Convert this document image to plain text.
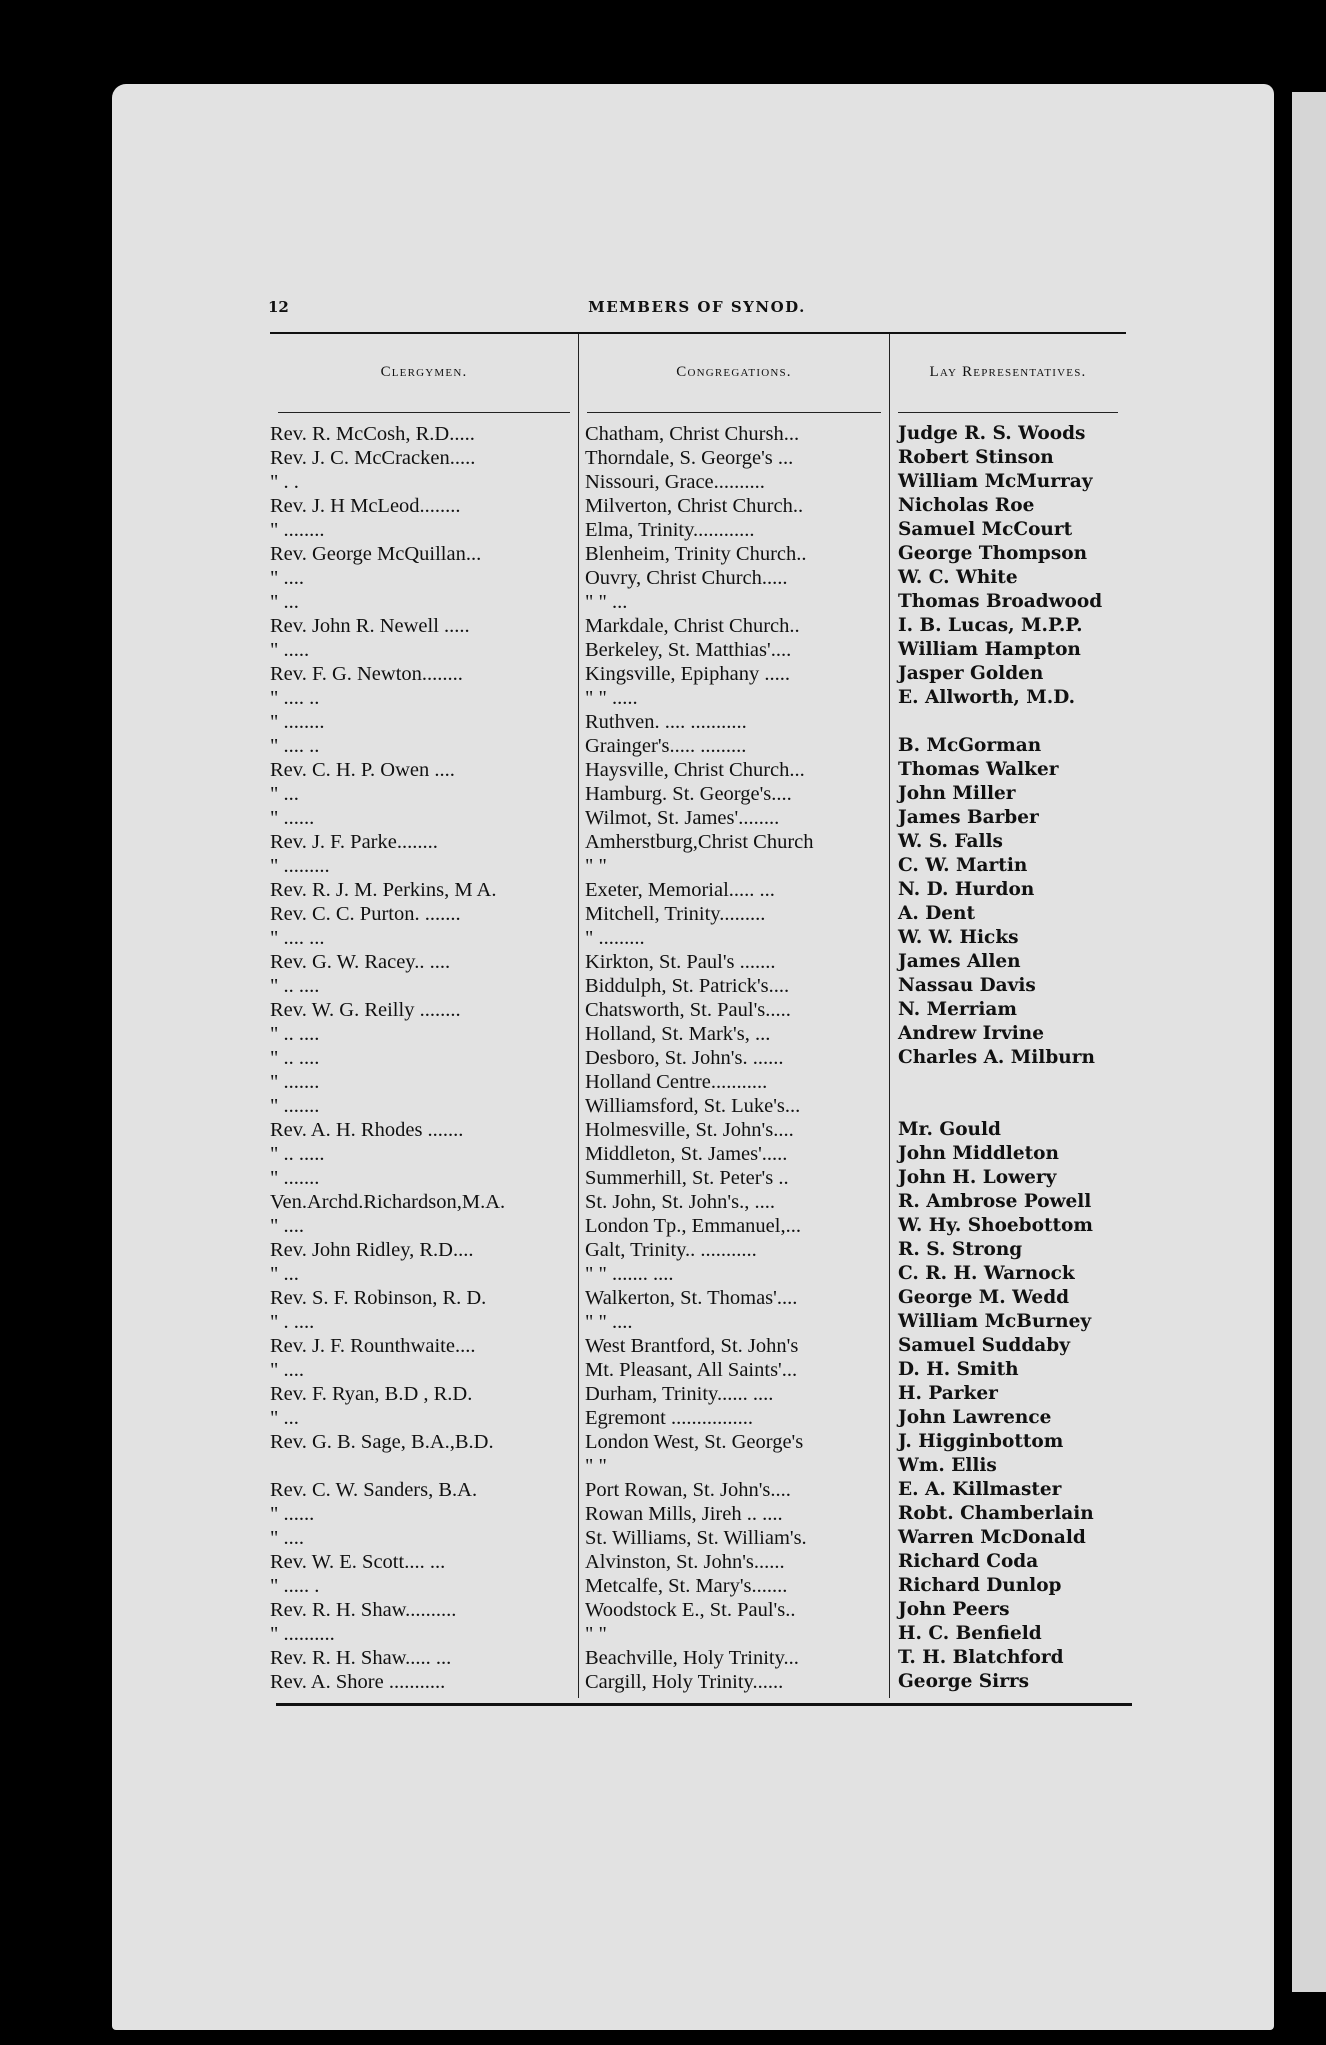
12	MEMBERS OF SYNOD.
Clergymen.
Rev. R. McCosh, R.D.....
Rev. J. C. McCracken.....
" . .
Rev. J. H McLeod........
" ........
Rev. George McQuillan...
" ....
" ...
Rev. John R. Newell .....
" .....
Rev. F. G. Newton........
" .... ..
" ........
" .... ..
Rev. C. H. P. Owen ....
" ...
" ......
Rev. J. F. Parke........
" .........
Rev. R. J. M. Perkins, M A.
Rev. C. C. Purton. .......
" .... ...
Rev. G. W. Racey.. ....
" .. ....
Rev. W. G. Reilly ........
" .. ....
" .. ....
" .......
" .......
Rev. A. H. Rhodes .......
" .. .....
" .......
Ven.Archd.Richardson,M.A.
" ....
Rev. John Ridley, R.D....
" ...
Rev. S. F. Robinson, R. D.
" . ....
Rev. J. F. Rounthwaite....
" ....
Rev. F. Ryan, B.D , R.D.
" ...
Rev. G. B. Sage, B.A.,B.D.
Rev. C. W. Sanders, B.A.
" ......
" ....
Rev. W. E. Scott.... ...
" ..... .
Rev. R. H. Shaw..........
" ..........
Rev. R. H. Shaw..... ...
Rev. A. Shore ...........
Congregations.
Chatham, Christ Chursh...
Thorndale, S. George's ...
Nissouri, Grace..........
Milverton, Christ Church..
Elma, Trinity............
Blenheim, Trinity Church..
Ouvry, Christ Church.....
" " ...
Markdale, Christ Church..
Berkeley, St. Matthias'....
Kingsville, Epiphany .....
" " .....
Ruthven. .... ...........
Grainger's..... .........
Haysville, Christ Church...
Hamburg. St. George's....
Wilmot, St. James'........
Amherstburg,Christ Church
" "
Exeter, Memorial..... ...
Mitchell, Trinity.........
" .........
Kirkton, St. Paul's .......
Biddulph, St. Patrick's....
Chatsworth, St. Paul's.....
Holland, St. Mark's, ...
Desboro, St. John's. ......
Holland Centre...........
Williamsford, St. Luke's...
Holmesville, St. John's....
Middleton, St. James'.....
Summerhill, St. Peter's ..
St. John, St. John's., ....
London Tp., Emmanuel,...
Galt, Trinity.. ...........
" " ....... ....
Walkerton, St. Thomas'....
" " ....
West Brantford, St. John's
Mt. Pleasant, All Saints'...
Durham, Trinity...... ....
Egremont ................
London West, St. George's
" "
Port Rowan, St. John's....
Rowan Mills, Jireh .. ....
St. Williams, St. William's.
Alvinston, St. John's......
Metcalfe, St. Mary's.......
Woodstock E., St. Paul's..
" "
Beachville, Holy Trinity...
Cargill, Holy Trinity......
Lay Representatives.
Judge R. S. Woods
Robert Stinson
William McMurray
Nicholas Roe
Samuel McCourt
George Thompson
W. C. White
Thomas Broadwood
I. B. Lucas, M.P.P.
William Hampton
Jasper Golden
E. Allworth, M.D.
B. McGorman
Thomas Walker
John Miller
James Barber
W. S. Falls
C. W. Martin
N. D. Hurdon
A. Dent
W. W. Hicks
James Allen
Nassau Davis
N. Merriam
Andrew Irvine
Charles A. Milburn
Mr. Gould
John Middleton
John H. Lowery
R. Ambrose Powell
W. Hy. Shoebottom
R. S. Strong
C. R. H. Warnock
George M. Wedd
William McBurney
Samuel Suddaby
D. H. Smith
H. Parker
John Lawrence
J. Higginbottom
Wm. Ellis
E. A. Killmaster
Robt. Chamberlain
Warren McDonald
Richard Coda
Richard Dunlop
John Peers
H. C. Benfield
T. H. Blatchford
George Sirrs
